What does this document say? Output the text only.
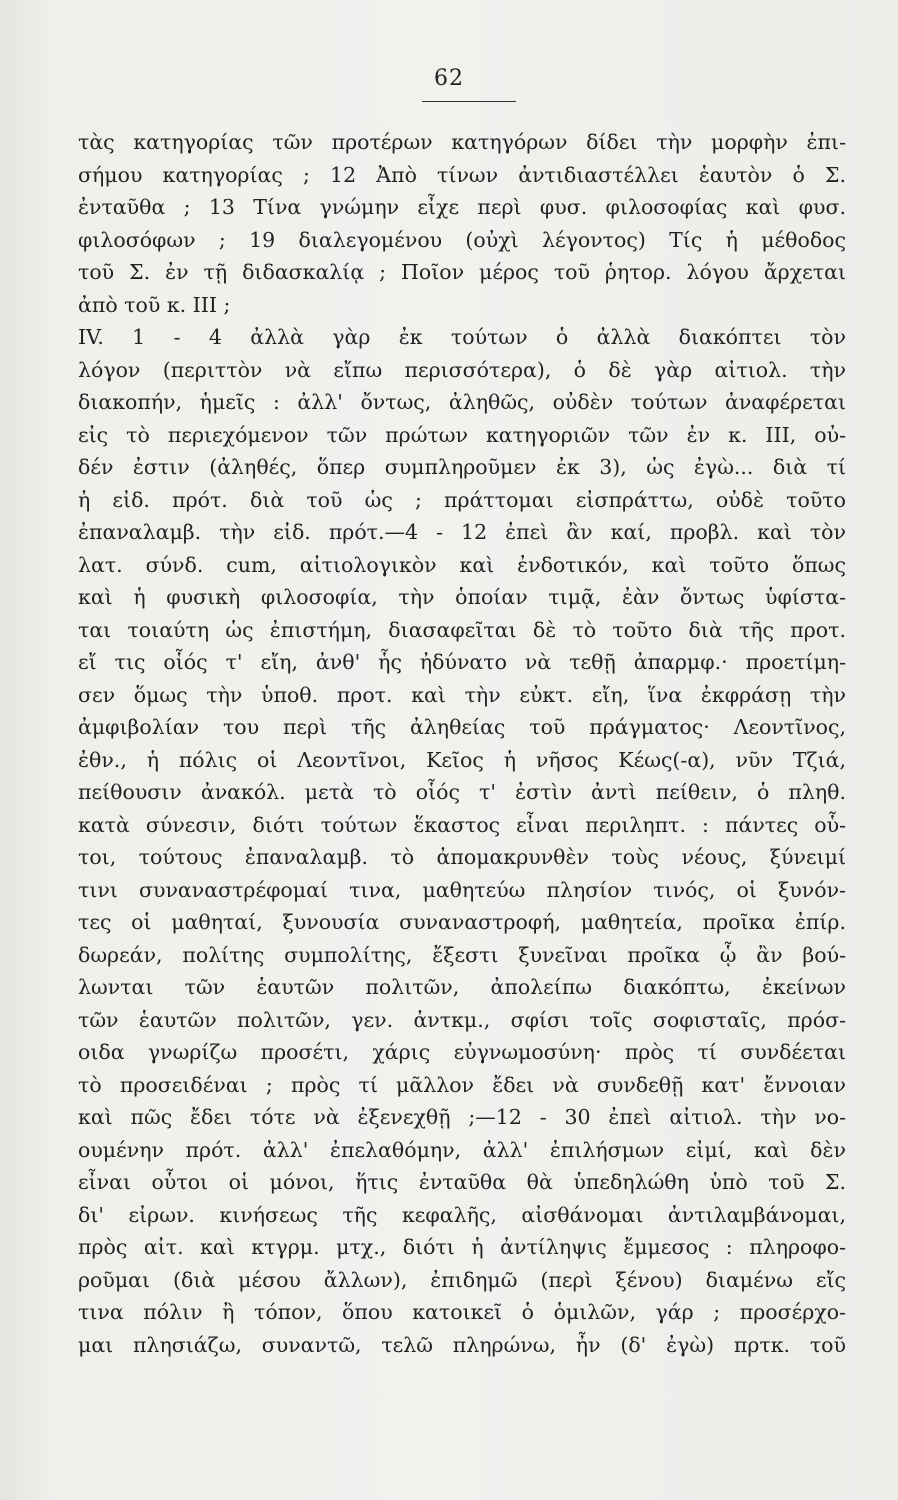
62
τὰς κατηγορίας τῶν προτέρων κατηγόρων δίδει τὴν μορφὴν ἐπι-
σήμου κατηγορίας ; 12 Ἀπὸ τίνων ἀντιδιαστέλλει ἑαυτὸν ὁ Σ.
ἐνταῦθα ; 13 Τίνα γνώμην εἶχε περὶ φυσ. φιλοσοφίας καὶ φυσ.
φιλοσόφων ; 19 διαλεγομένου (οὐχὶ λέγοντος) Τίς ἡ μέθοδος
τοῦ Σ. ἐν τῇ διδασκαλίᾳ ; Ποῖον μέρος τοῦ ῥητορ. λόγου ἄρχεται
ἀπὸ τοῦ κ. ΙΙΙ ;
ΙV. 1 - 4 ἀλλὰ γὰρ ἐκ τούτων ὁ ἀλλὰ διακόπτει τὸν
λόγον (περιττὸν νὰ εἴπω περισσότερα), ὁ δὲ γὰρ αἰτιολ. τὴν
διακοπήν, ἡμεῖς : ἀλλ' ὄντως, ἀληθῶς, οὐδὲν τούτων ἀναφέρεται
εἰς τὸ περιεχόμενον τῶν πρώτων κατηγοριῶν τῶν ἐν κ. ΙΙΙ, οὐ-
δέν ἐστιν (ἀληθές, ὅπερ συμπληροῦμεν ἐκ 3), ὡς ἐγὼ... διὰ τί
ἡ εἰδ. πρότ. διὰ τοῦ ὡς ; πράττομαι εἰσπράττω, οὐδὲ τοῦτο
ἐπαναλαμβ. τὴν εἰδ. πρότ.—4 - 12 ἐπεὶ ἂν καί, προβλ. καὶ τὸν
λατ. σύνδ. cum, αἰτιολογικὸν καὶ ἐνδοτικόν, καὶ τοῦτο ὅπως
καὶ ἡ φυσικὴ φιλοσοφία, τὴν ὁποίαν τιμᾷ, ἐὰν ὄντως ὑφίστα-
ται τοιαύτη ὡς ἐπιστήμη, διασαφεῖται δὲ τὸ τοῦτο διὰ τῆς προτ.
εἴ τις οἷός τ' εἴη, ἀνθ' ἧς ἠδύνατο νὰ τεθῇ ἀπαρμφ.· προετίμη-
σεν ὅμως τὴν ὑποθ. προτ. καὶ τὴν εὐκτ. εἴη, ἵνα ἐκφράσῃ τὴν
ἀμφιβολίαν του περὶ τῆς ἀληθείας τοῦ πράγματος· Λεοντῖνος,
ἐθν., ἡ πόλις οἱ Λεοντῖνοι, Κεῖος ἡ νῆσος Κέως(-α), νῦν Τζιά,
πείθουσιν ἀνακόλ. μετὰ τὸ οἷός τ' ἐστὶν ἀντὶ πείθειν, ὁ πληθ.
κατὰ σύνεσιν, διότι τούτων ἕκαστος εἶναι περιληπτ. : πάντες οὗ-
τοι, τούτους ἐπαναλαμβ. τὸ ἀπομακρυνθὲν τοὺς νέους, ξύνειμί
τινι συναναστρέφομαί τινα, μαθητεύω πλησίον τινός, οἱ ξυνόν-
τες οἱ μαθηταί, ξυνουσία συναναστροφή, μαθητεία, προῖκα ἐπίρ.
δωρεάν, πολίτης συμπολίτης, ἔξεστι ξυνεῖναι προῖκα ᾧ ἂν βού-
λωνται τῶν ἑαυτῶν πολιτῶν, ἀπολείπω διακόπτω, ἐκείνων
τῶν ἑαυτῶν πολιτῶν, γεν. ἀντκμ., σφίσι τοῖς σοφισταῖς, πρόσ-
οιδα γνωρίζω προσέτι, χάρις εὐγνωμοσύνη· πρὸς τί συνδέεται
τὸ προσειδέναι ; πρὸς τί μᾶλλον ἔδει νὰ συνδεθῇ κατ' ἔννοιαν
καὶ πῶς ἔδει τότε νὰ ἐξενεχθῇ ;—12 - 30 ἐπεὶ αἰτιολ. τὴν νο-
ουμένην πρότ. ἀλλ' ἐπελαθόμην, ἀλλ' ἐπιλήσμων εἰμί, καὶ δὲν
εἶναι οὗτοι οἱ μόνοι, ἥτις ἐνταῦθα θὰ ὑπεδηλώθη ὑπὸ τοῦ Σ.
δι' εἰρων. κινήσεως τῆς κεφαλῆς, αἰσθάνομαι ἀντιλαμβάνομαι,
πρὸς αἰτ. καὶ κτγρμ. μτχ., διότι ἡ ἀντίληψις ἔμμεσος : πληροφο-
ροῦμαι (διὰ μέσου ἄλλων), ἐπιδημῶ (περὶ ξένου) διαμένω εἴς
τινα πόλιν ἢ τόπον, ὅπου κατοικεῖ ὁ ὁμιλῶν, γάρ ; προσέρχο-
μαι πλησιάζω, συναντῶ, τελῶ πληρώνω, ἦν (δ' ἐγὼ) πρτκ. τοῦ
